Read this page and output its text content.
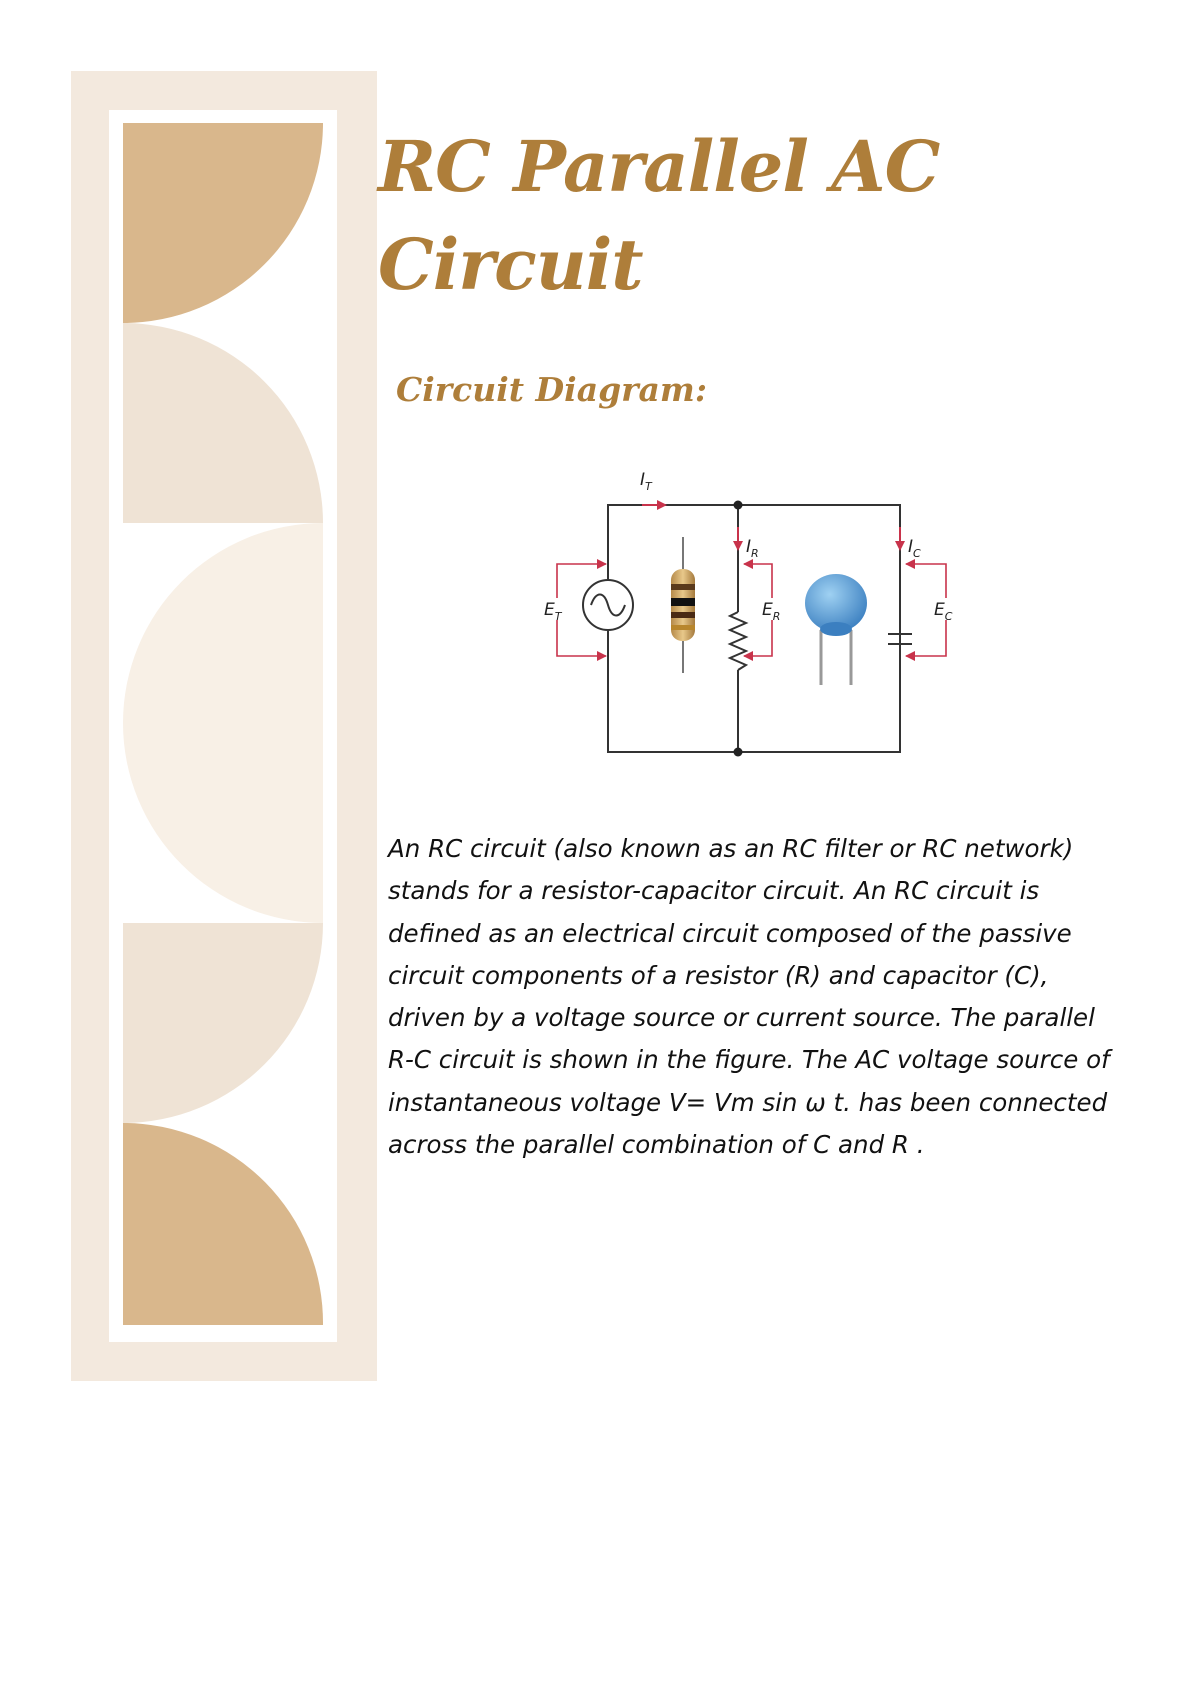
RC Parallel AC Circuit
Circuit Diagram:
$I_T$
$I_R$	$I_C$
$E_T$	$E_R$	$E_C$

An RC circuit (also known as an RC filter or RC network) stands for a resistor-capacitor circuit. An RC circuit is defined as an electrical circuit composed of the passive circuit components of a resistor (R) and capacitor (C), driven by a voltage source or current source. The parallel R-C circuit is shown in the figure. The AC voltage source of instantaneous voltage V= Vm sin ω t. has been connected across the parallel combination of C and R .
